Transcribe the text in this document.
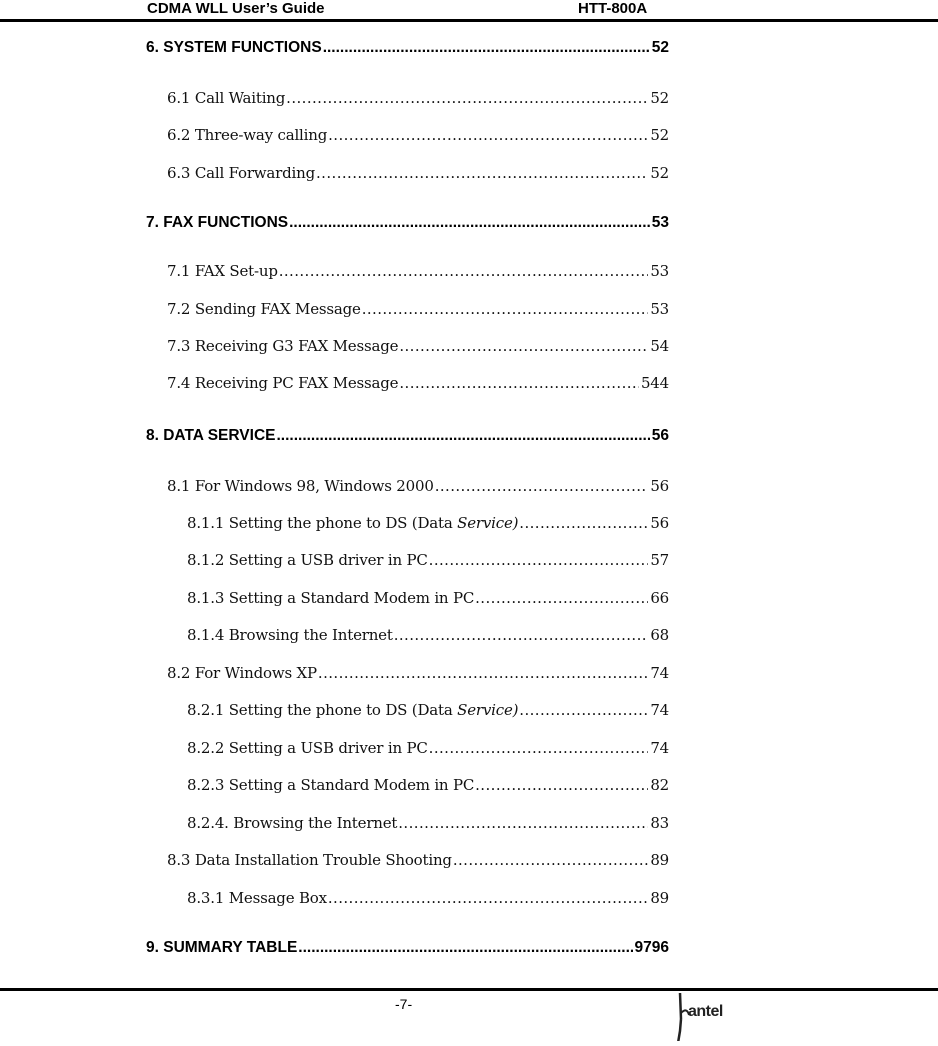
CDMA WLL User’s Guide	HTT-800A
6. SYSTEM FUNCTIONS .....	52
6.1 Call Waiting .....	52
6.2 Three-way calling .....	52
6.3 Call Forwarding .....	52
7. FAX FUNCTIONS .....	53
7.1 FAX Set-up .....	53
7.2 Sending FAX Message .....	53
7.3 Receiving G3 FAX Message .....	54
7.4 Receiving PC FAX Message .....	544
8. DATA SERVICE .....	56
8.1 For Windows 98, Windows 2000 .....	56
8.1.1 Setting the phone to DS (Data Service) .....	56
8.1.2 Setting a USB driver in PC .....	57
8.1.3 Setting a Standard Modem in PC .....	66
8.1.4 Browsing the Internet .....	68
8.2 For Windows XP .....	74
8.2.1 Setting the phone to DS (Data Service) .....	74
8.2.2 Setting a USB driver in PC .....	74
8.2.3 Setting a Standard Modem in PC .....	82
8.2.4. Browsing the Internet .....	83
8.3 Data Installation Trouble Shooting .....	89
8.3.1 Message Box .....	89
9. SUMMARY TABLE .....	9796
-7-	antel
